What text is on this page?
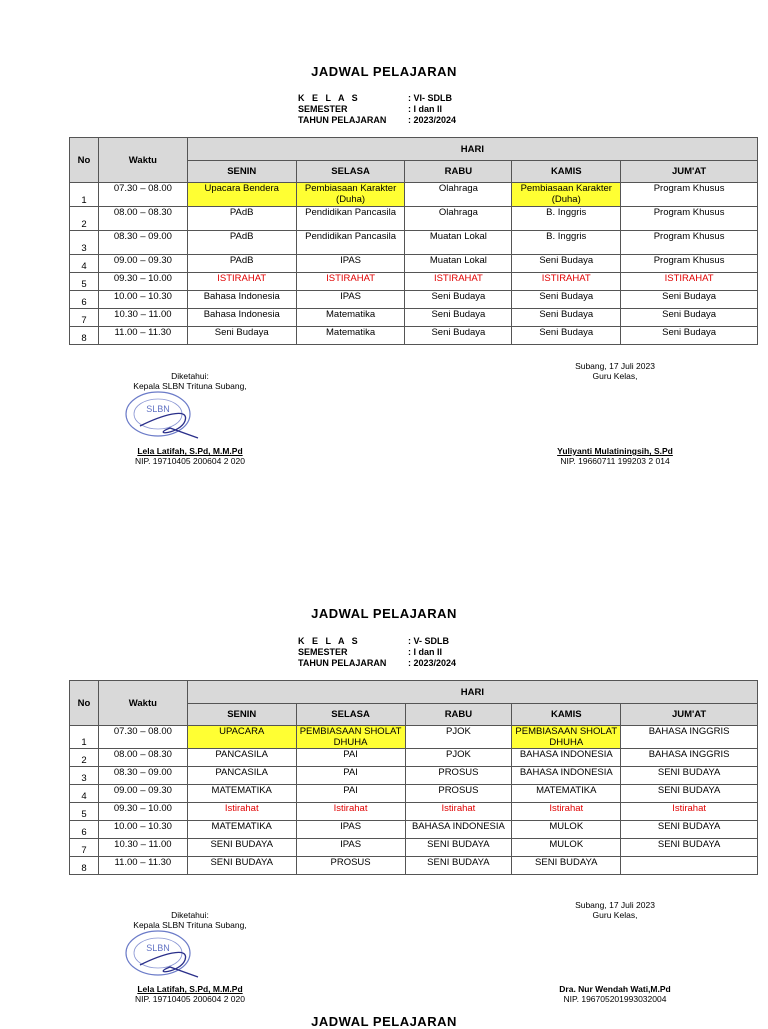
JADWAL PELAJARAN
K E L A S	: VI- SDLB
SEMESTER	: I dan II
TAHUN PELAJARAN	: 2023/2024
No	Waktu	HARI				
		SENIN	SELASA	RABU	KAMIS	JUM'AT
1	07.30 – 08.00	Upacara Bendera	Pembiasaan Karakter (Duha)	Olahraga	Pembiasaan Karakter (Duha)	Program Khusus
2	08.00 – 08.30	PAdB	Pendidikan Pancasila	Olahraga	B. Inggris	Program Khusus
3	08.30 – 09.00	PAdB	Pendidikan Pancasila	Muatan Lokal	B. Inggris	Program Khusus
4	09.00 – 09.30	PAdB	IPAS	Muatan Lokal	Seni Budaya	Program Khusus
5	09.30 – 10.00	ISTIRAHAT	ISTIRAHAT	ISTIRAHAT	ISTIRAHAT	ISTIRAHAT
6	10.00 – 10.30	Bahasa Indonesia	IPAS	Seni Budaya	Seni Budaya	Seni Budaya
7	10.30 – 11.00	Bahasa Indonesia	Matematika	Seni Budaya	Seni Budaya	Seni Budaya
8	11.00 – 11.30	Seni Budaya	Matematika	Seni Budaya	Seni Budaya	Seni Budaya
Diketahui:
Kepala SLBN Trituna Subang,
SLBN
Lela Latifah, S.Pd, M.M.Pd
NIP. 19710405 200604 2 020
Subang, 17 Juli 2023
Guru Kelas,
Yuliyanti Mulatiningsih, S.Pd
NIP. 19660711 199203 2 014
JADWAL PELAJARAN
K E L A S	: V- SDLB
SEMESTER	: I dan II
TAHUN PELAJARAN	: 2023/2024
No	Waktu	HARI				
		SENIN	SELASA	RABU	KAMIS	JUM'AT
1	07.30 – 08.00	UPACARA	PEMBIASAAN SHOLAT DHUHA	PJOK	PEMBIASAAN SHOLAT DHUHA	BAHASA INGGRIS
2	08.00 – 08.30	PANCASILA	PAI	PJOK	BAHASA INDONESIA	BAHASA INGGRIS
3	08.30 – 09.00	PANCASILA	PAI	PROSUS	BAHASA INDONESIA	SENI BUDAYA
4	09.00 – 09.30	MATEMATIKA	PAI	PROSUS	MATEMATIKA	SENI BUDAYA
5	09.30 – 10.00	Istirahat	Istirahat	Istirahat	Istirahat	Istirahat
6	10.00 – 10.30	MATEMATIKA	IPAS	BAHASA INDONESIA	MULOK	SENI BUDAYA
7	10.30 – 11.00	SENI BUDAYA	IPAS	SENI BUDAYA	MULOK	SENI BUDAYA
8	11.00 – 11.30	SENI BUDAYA	PROSUS	SENI BUDAYA	SENI BUDAYA	
Diketahui:
Kepala SLBN Trituna Subang,
SLBN
Lela Latifah, S.Pd, M.M.Pd
NIP. 19710405 200604 2 020
Subang, 17 Juli 2023
Guru Kelas,
Dra. Nur Wendah Wati,M.Pd
NIP. 196705201993032004
JADWAL PELAJARAN
